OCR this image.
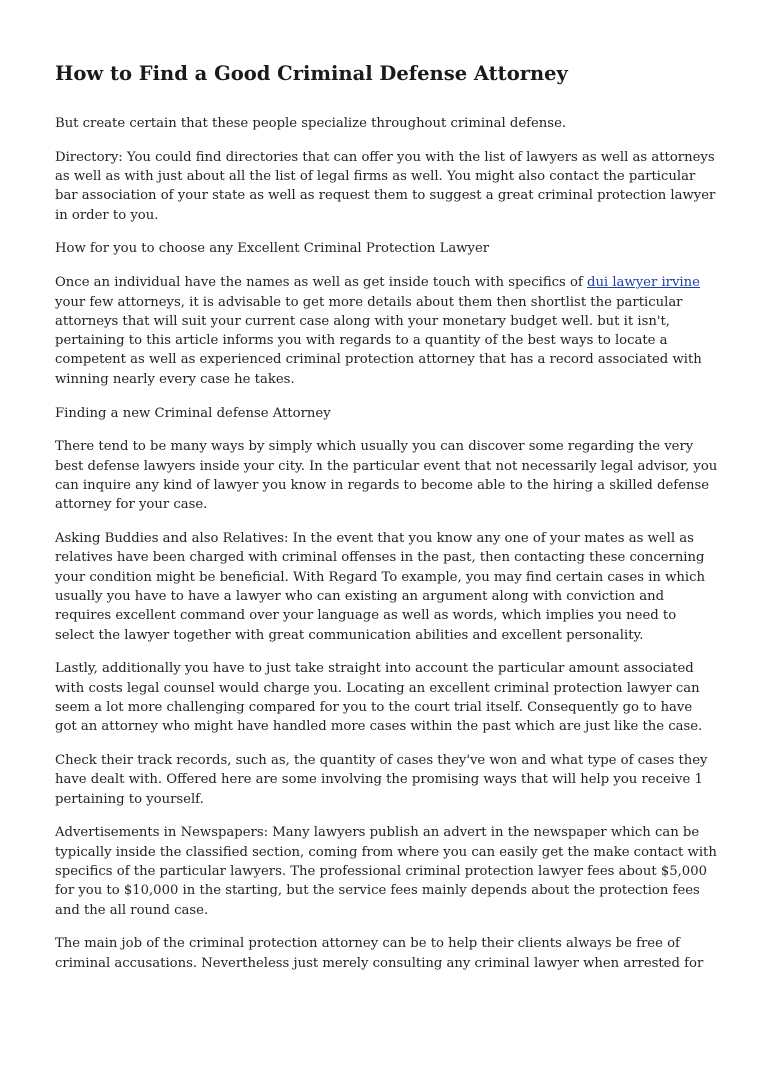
How to Find a Good Criminal Defense Attorney

But create certain that these people specialize throughout criminal defense.

Directory: You could find directories that can offer you with the list of lawyers as well as attorneys as well as with just about all the list of legal firms as well. You might also contact the particular bar association of your state as well as request them to suggest a great criminal protection lawyer in order to you.

How for you to choose any Excellent Criminal Protection Lawyer

Once an individual have the names as well as get inside touch with specifics of dui lawyer irvine your few attorneys, it is advisable to get more details about them then shortlist the particular attorneys that will suit your current case along with your monetary budget well. but it isn't, pertaining to this article informs you with regards to a quantity of the best ways to locate a competent as well as experienced criminal protection attorney that has a record associated with winning nearly every case he takes.

Finding a new Criminal defense Attorney

There tend to be many ways by simply which usually you can discover some regarding the very best defense lawyers inside your city. In the particular event that not necessarily legal advisor, you can inquire any kind of lawyer you know in regards to become able to the hiring a skilled defense attorney for your case.

Asking Buddies and also Relatives: In the event that you know any one of your mates as well as relatives have been charged with criminal offenses in the past, then contacting these concerning your condition might be beneficial. With Regard To example, you may find certain cases in which usually you have to have a lawyer who can existing an argument along with conviction and requires excellent command over your language as well as words, which implies you need to select the lawyer together with great communication abilities and excellent personality.

Lastly, additionally you have to just take straight into account the particular amount associated with costs legal counsel would charge you. Locating an excellent criminal protection lawyer can seem a lot more challenging compared for you to the court trial itself. Consequently go to have got an attorney who might have handled more cases within the past which are just like the case.

Check their track records, such as, the quantity of cases they've won and what type of cases they have dealt with. Offered here are some involving the promising ways that will help you receive 1 pertaining to yourself.

Advertisements in Newspapers: Many lawyers publish an advert in the newspaper which can be typically inside the classified section, coming from where you can easily get the make contact with specifics of the particular lawyers. The professional criminal protection lawyer fees about $5,000 for you to $10,000 in the starting, but the service fees mainly depends about the protection fees and the all round case.

The main job of the criminal protection attorney can be to help their clients always be free of criminal accusations. Nevertheless just merely consulting any criminal lawyer when arrested for
